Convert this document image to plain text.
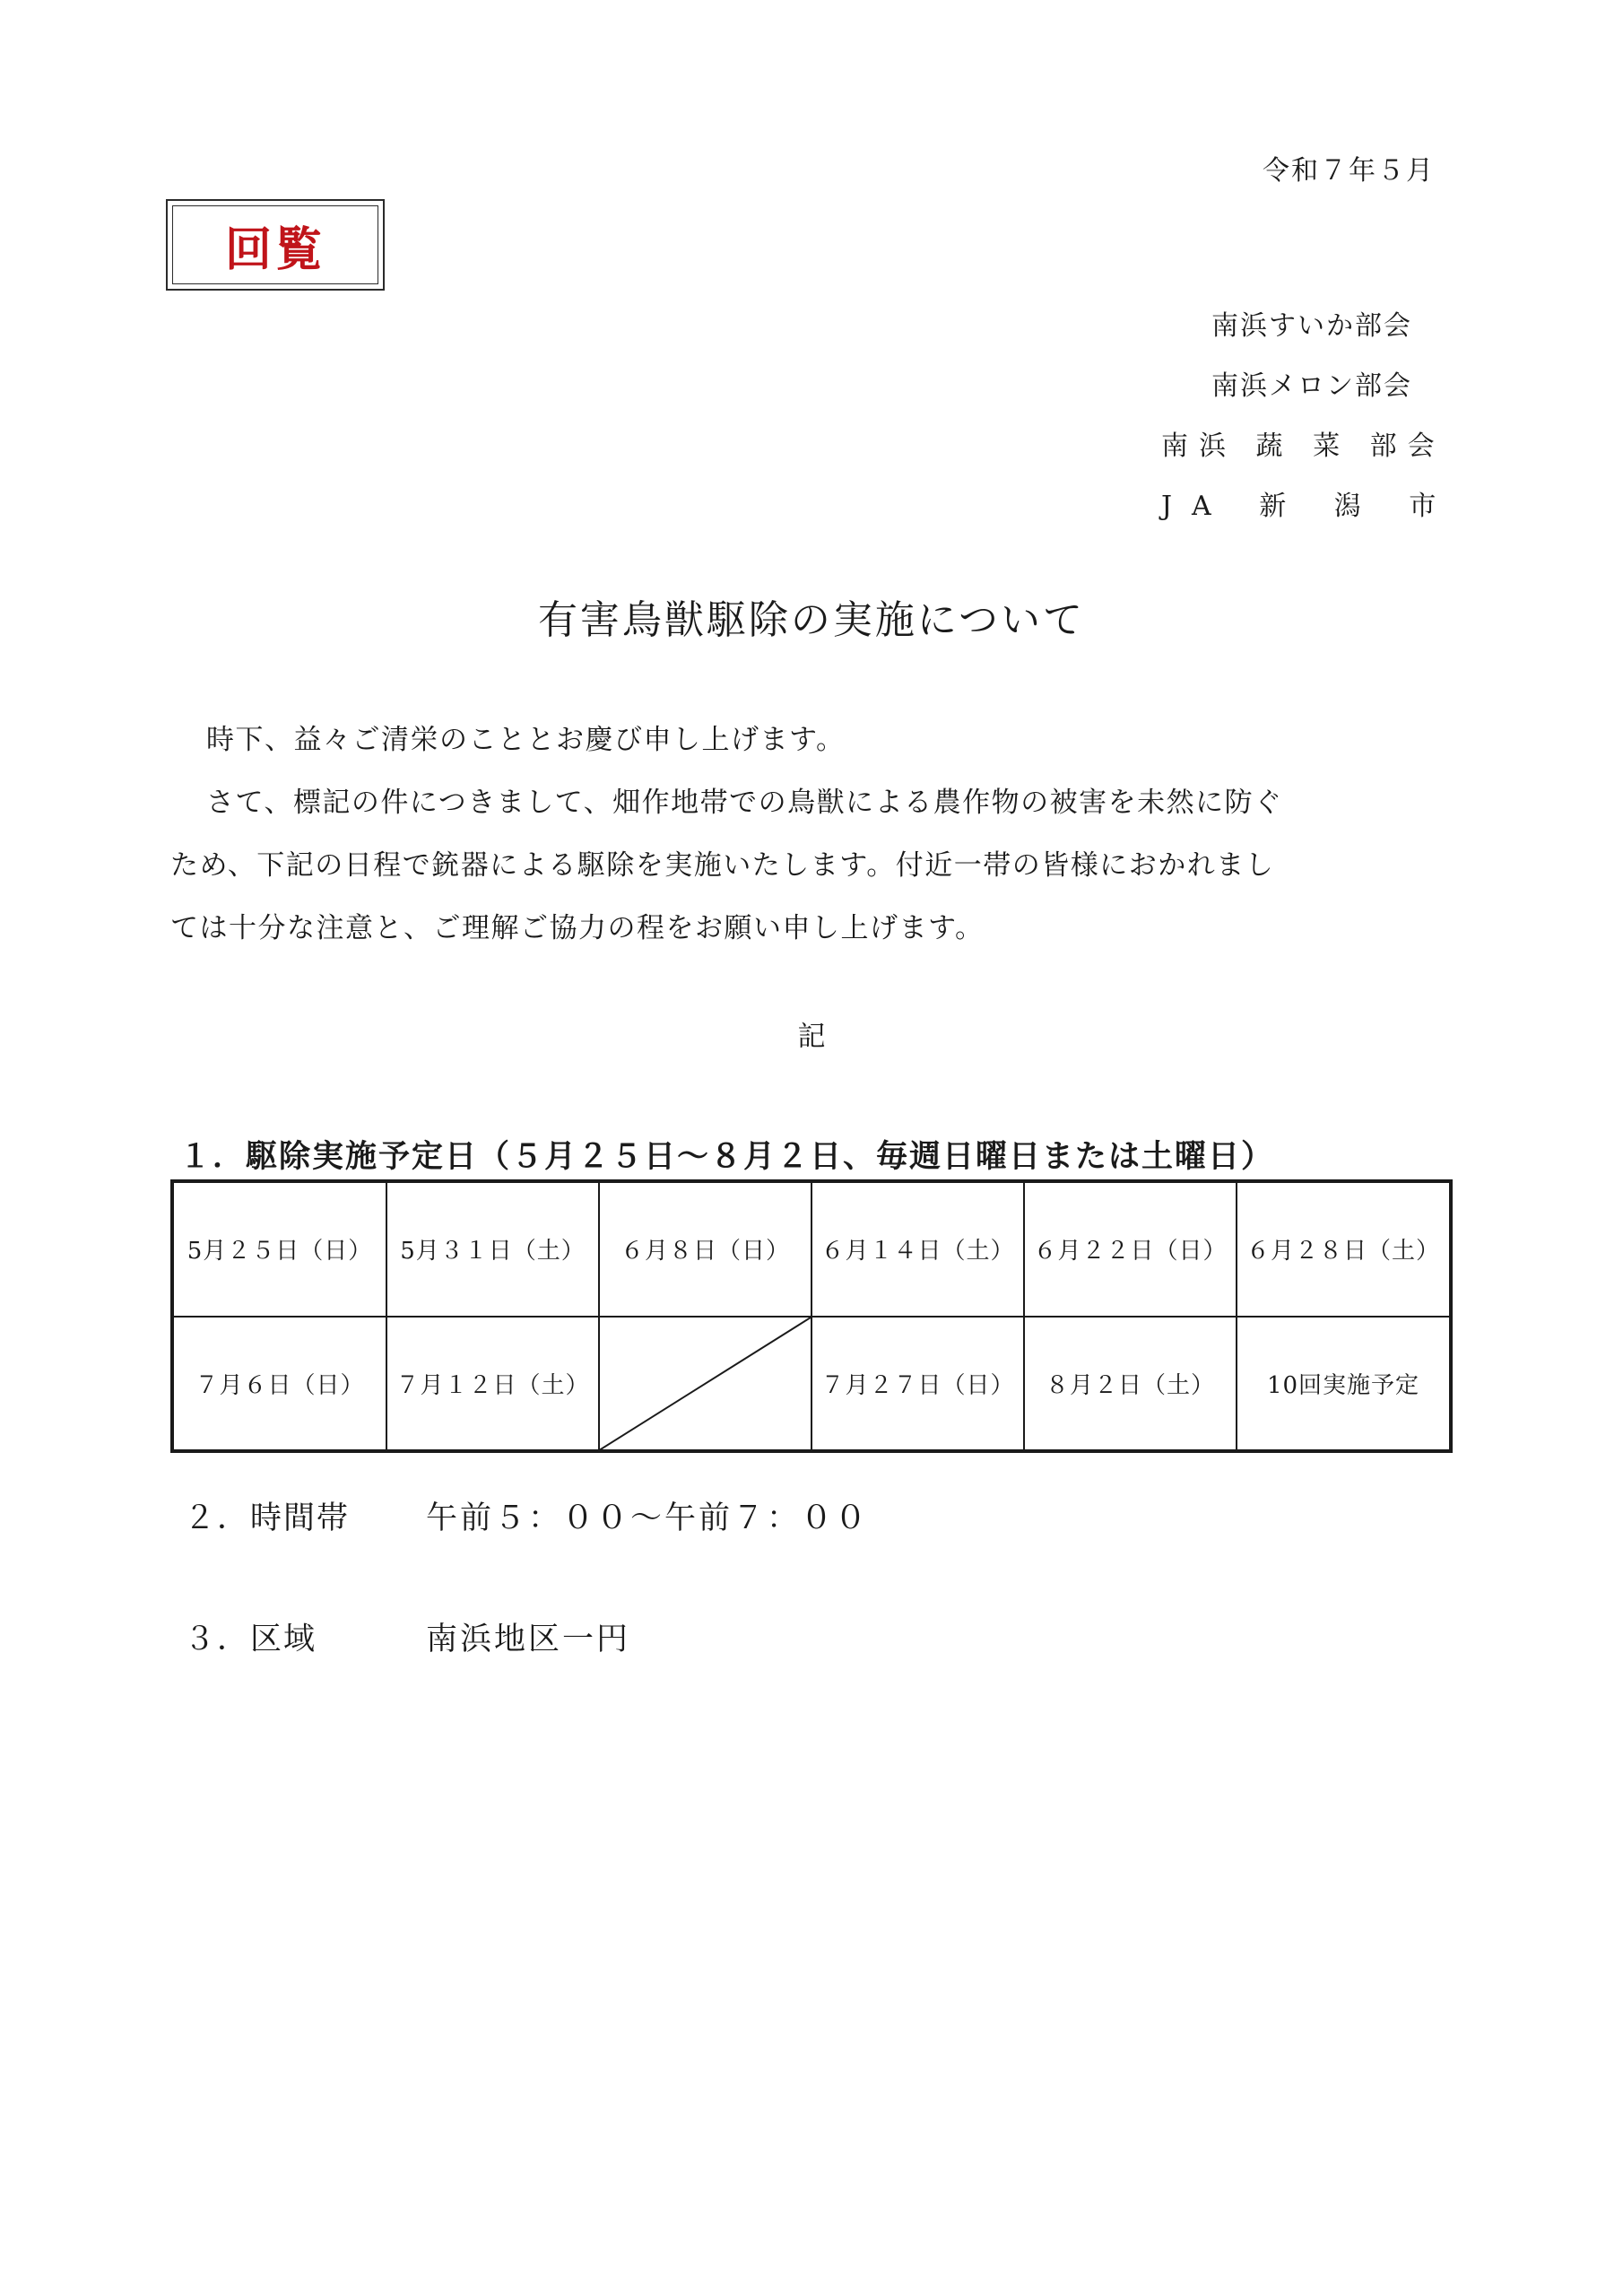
令和７年５月
回覧
南浜すいか部会
南浜メロン部会
南浜 蔬 菜 部会
JA 新 潟 市
有害鳥獣駆除の実施について

時下、益々ご清栄のこととお慶び申し上げます。

さて、標記の件につきまして、畑作地帯での鳥獣による農作物の被害を未然に防ぐため、下記の日程で銃器による駆除を実施いたします。付近一帯の皆様におかれましては十分な注意と、ご理解ご協力の程をお願い申し上げます。

記
１．駆除実施予定日（５月２５日～８月２日、毎週日曜日または土曜日）
5月２５日（日）	5月３１日（土）	６月８日（日）	６月１４日（土）	６月２２日（日）	６月２８日（土）
７月６日（日）	７月１２日（土）		７月２７日（日）	８月２日（土）	10回実施予定
２．時間帯 午前５：００～午前７：００
３．区域	南浜地区一円
